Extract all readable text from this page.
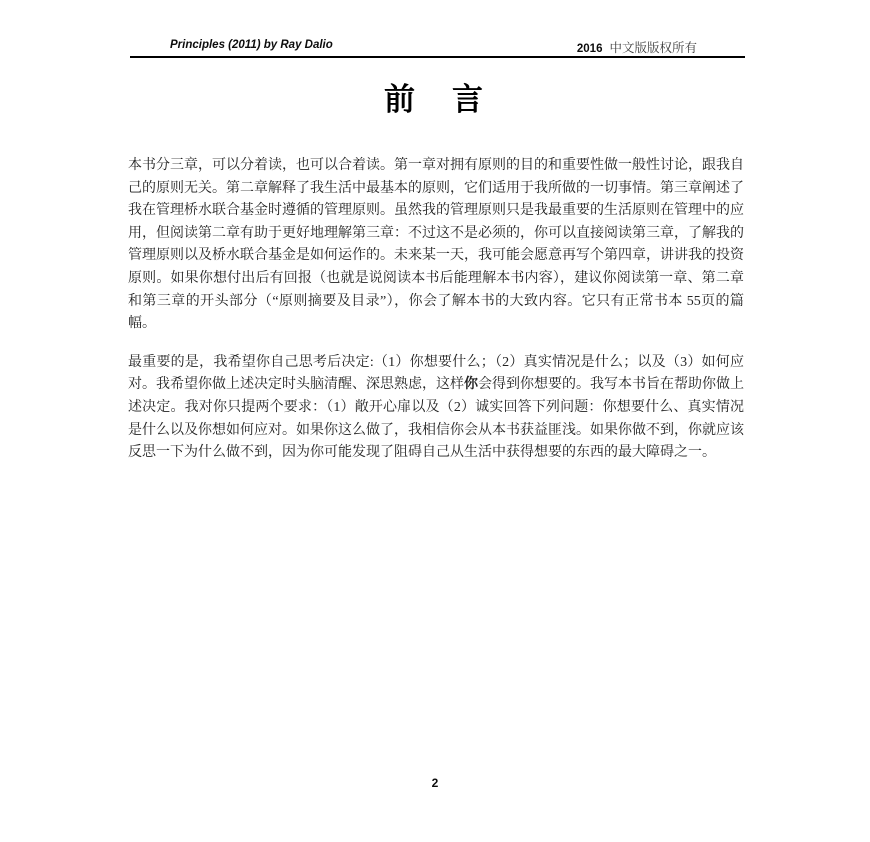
Principles (2011) by Ray Dalio	2016 中文版版权所有
前　言

本书分三章，可以分着读，也可以合着读。第一章对拥有原则的目的和重要性做一般性讨论，跟我自己的原则无关。第二章解释了我生活中最基本的原则，它们适用于我所做的一切事情。第三章阐述了我在管理桥水联合基金时遵循的管理原则。虽然我的管理原则只是我最重要的生活原则在管理中的应用，但阅读第二章有助于更好地理解第三章：不过这不是必须的，你可以直接阅读第三章，了解我的管理原则以及桥水联合基金是如何运作的。未来某一天，我可能会愿意再写个第四章，讲讲我的投资原则。如果你想付出后有回报（也就是说阅读本书后能理解本书内容），建议你阅读第一章、第二章和第三章的开头部分（“原则摘要及目录”），你会了解本书的大致内容。它只有正常书本 55页的篇幅。

最重要的是，我希望你自己思考后决定:（1）你想要什么；（2）真实情况是什么；以及（3）如何应对。我希望你做上述决定时头脑清醒、深思熟虑，这样你会得到你想要的。我写本书旨在帮助你做上述决定。我对你只提两个要求：（1）敞开心扉以及（2）诚实回答下列问题：你想要什么、真实情况是什么以及你想如何应对。如果你这么做了，我相信你会从本书获益匪浅。如果你做不到，你就应该反思一下为什么做不到，因为你可能发现了阻碍自己从生活中获得想要的东西的最大障碍之一。

2
